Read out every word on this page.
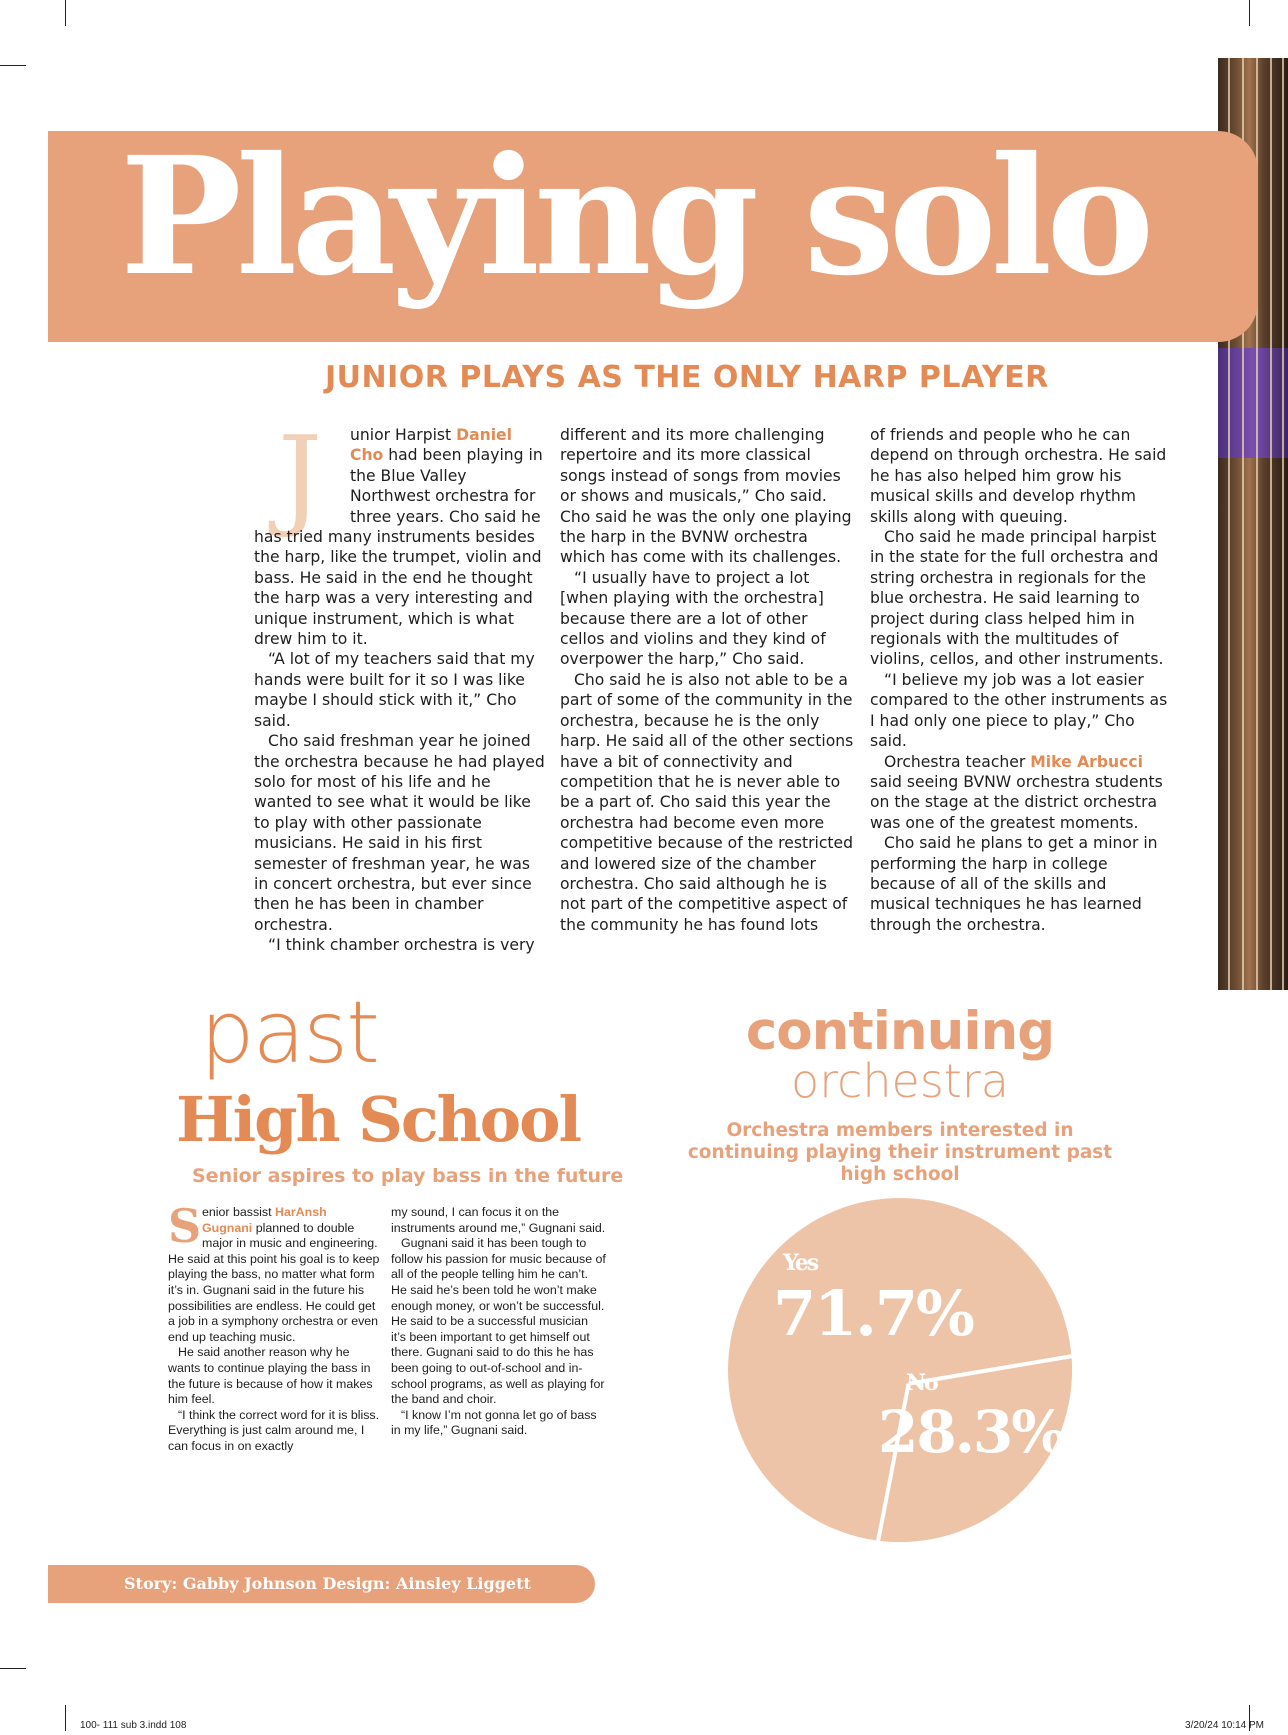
Playing solo
JUNIOR PLAYS AS THE ONLY HARP PLAYER
J	unior Harpist Daniel Cho had been playing in the Blue Valley Northwest orchestra for three years. Cho said he has tried many instruments besides the harp, like the trumpet, violin and bass. He said in the end he thought the harp was a very interesting and unique instrument, which is what drew him to it.

“A lot of my teachers said that my hands were built for it so I was like maybe I should stick with it,” Cho said.

Cho said freshman year he joined the orchestra because he had played solo for most of his life and he wanted to see what it would be like to play with other passionate musicians. He said in his first semester of freshman year, he was in concert orchestra, but ever since then he has been in chamber orchestra.

“I think chamber orchestra is very

different and its more challenging repertoire and its more classical songs instead of songs from movies or shows and musicals,” Cho said. Cho said he was the only one playing the harp in the BVNW orchestra which has come with its challenges.

“I usually have to project a lot [when playing with the orchestra] because there are a lot of other cellos and violins and they kind of overpower the harp,” Cho said.

Cho said he is also not able to be a part of some of the community in the orchestra, because he is the only harp. He said all of the other sections have a bit of connectivity and competition that he is never able to be a part of. Cho said this year the orchestra had become even more competitive because of the restricted and lowered size of the chamber orchestra. Cho said although he is not part of the competitive aspect of the community he has found lots

of friends and people who he can depend on through orchestra. He said he has also helped him grow his musical skills and develop rhythm skills along with queuing.

Cho said he made principal harpist in the state for the full orchestra and string orchestra in regionals for the blue orchestra. He said learning to project during class helped him in regionals with the multitudes of violins, cellos, and other instruments.

“I believe my job was a lot easier compared to the other instruments as I had only one piece to play,” Cho said.

Orchestra teacher Mike Arbucci said seeing BVNW orchestra students on the stage at the district orchestra was one of the greatest moments.

Cho said he plans to get a minor in performing the harp in college because of all of the skills and musical techniques he has learned through the orchestra.

past
High School
Senior aspires to play bass in the future
S enior bassist HarAnsh Gugnani planned to double major in music and engineering. He said at this point his goal is to keep playing the bass, no matter what form it’s in. Gugnani said in the future his possibilities are endless. He could get a job in a symphony orchestra or even end up teaching music.

He said another reason why he wants to continue playing the bass in the future is because of how it makes him feel.

“I think the correct word for it is bliss. Everything is just calm around me, I can focus in on exactly

my sound, I can focus it on the instruments around me,” Gugnani said.

Gugnani said it has been tough to follow his passion for music because of all of the people telling him he can’t. He said he’s been told he won’t make enough money, or won’t be successful. He said to be a successful musician it’s been important to get himself out there. Gugnani said to do this he has been going to out-of-school and in-school programs, as well as playing for the band and choir.

“I know I’m not gonna let go of bass in my life,” Gugnani said.

continuing
orchestra
Orchestra members interested in continuing playing their instrument past high school
Yes
71.7%
No
28.3%
Story: Gabby Johnson Design: Ainsley Liggett
100- 111 sub 3.indd 108	3/20/24 10:14 PM
